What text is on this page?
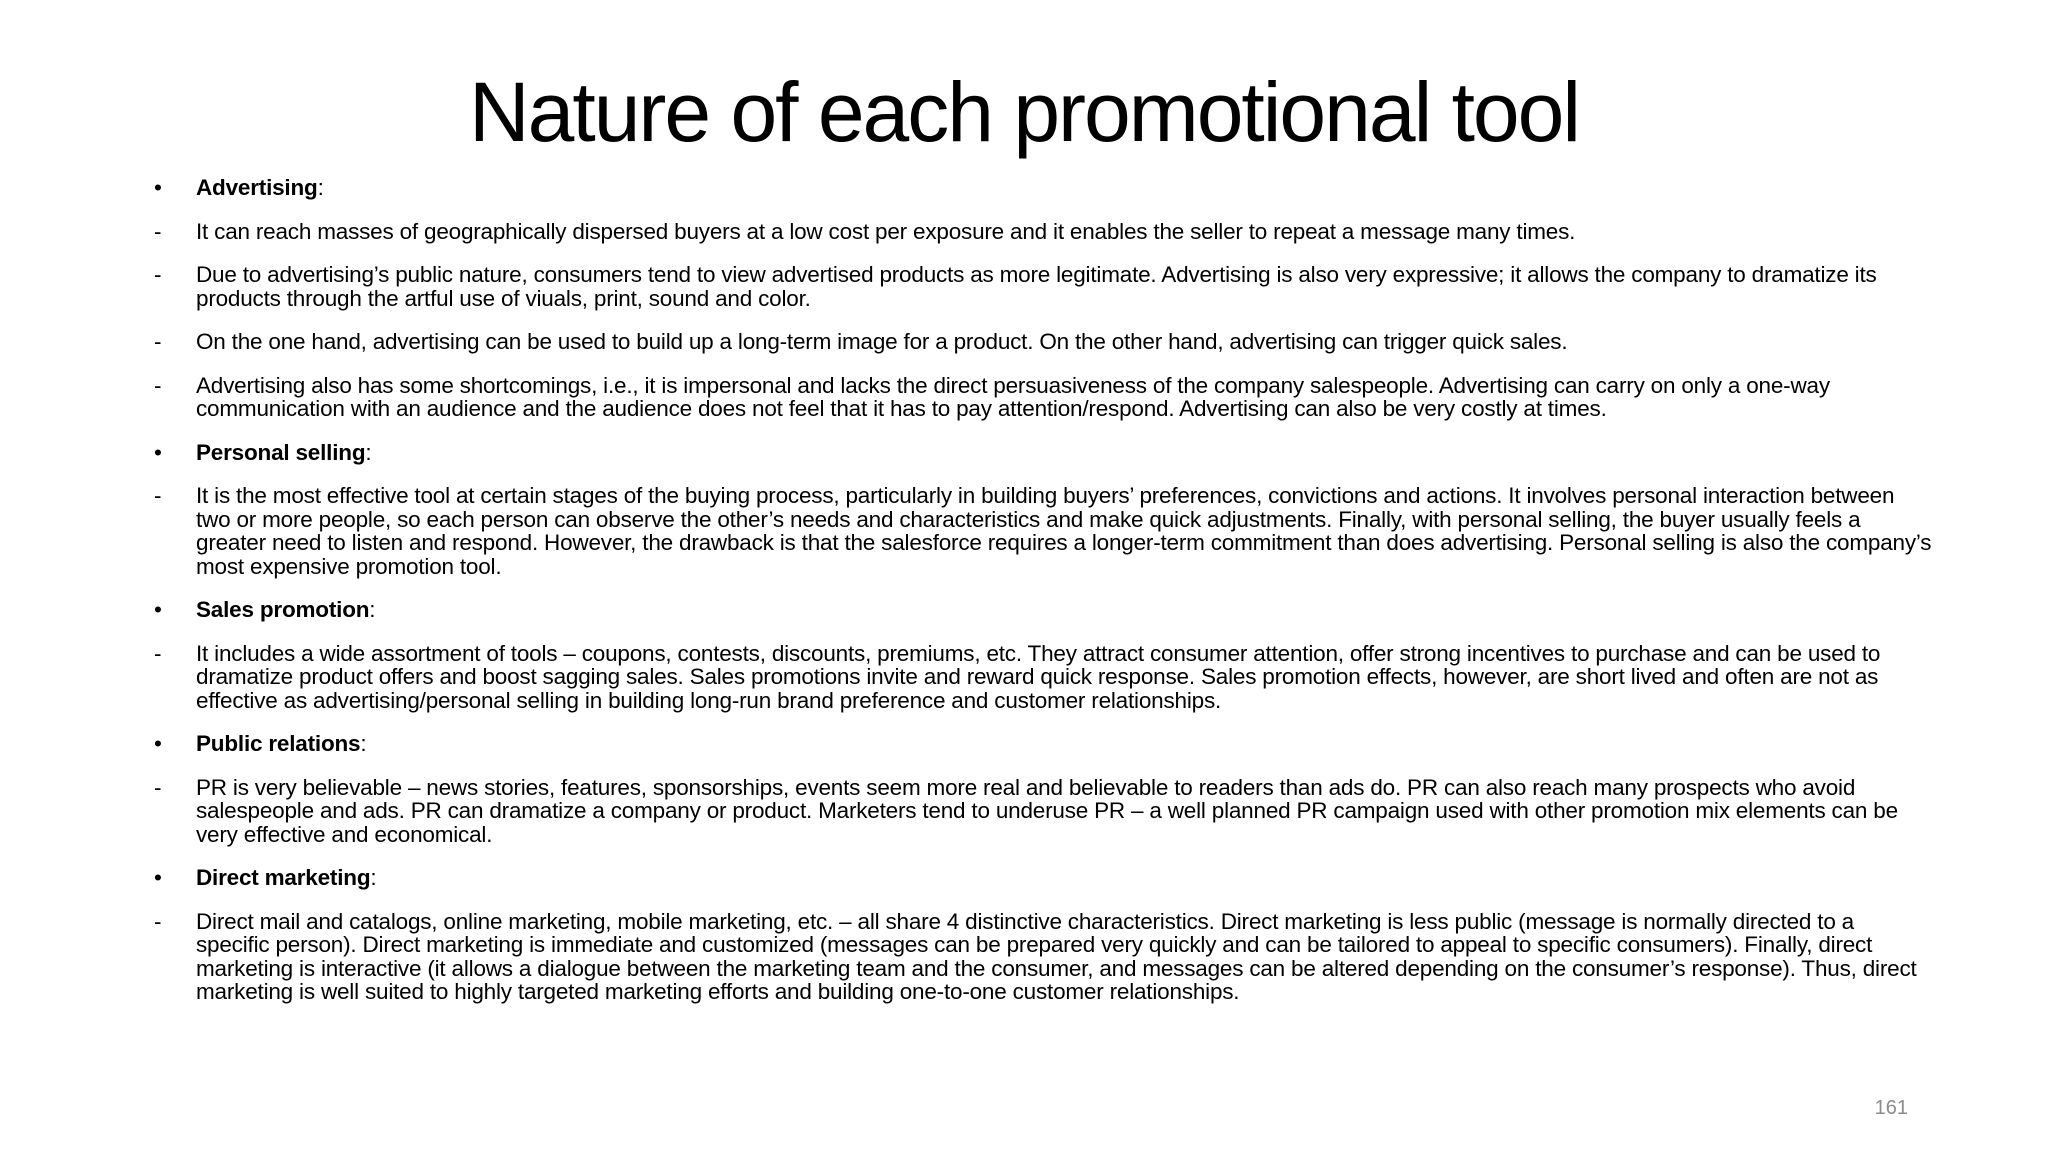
Nature of each promotional tool
•	Advertising:
-	It can reach masses of geographically dispersed buyers at a low cost per exposure and it enables the seller to repeat a message many times.
-	Due to advertising’s public nature, consumers tend to view advertised products as more legitimate. Advertising is also very expressive; it allows the company to dramatize its products through the artful use of viuals, print, sound and color.
-	On the one hand, advertising can be used to build up a long-term image for a product. On the other hand, advertising can trigger quick sales.
-	Advertising also has some shortcomings, i.e., it is impersonal and lacks the direct persuasiveness of the company salespeople. Advertising can carry on only a one-way communication with an audience and the audience does not feel that it has to pay attention/respond. Advertising can also be very costly at times.
•	Personal selling:
-	It is the most effective tool at certain stages of the buying process, particularly in building buyers’ preferences, convictions and actions. It involves personal interaction between two or more people, so each person can observe the other’s needs and characteristics and make quick adjustments. Finally, with personal selling, the buyer usually feels a greater need to listen and respond. However, the drawback is that the salesforce requires a longer-term commitment than does advertising. Personal selling is also the company’s most expensive promotion tool.
•	Sales promotion:
-	It includes a wide assortment of tools – coupons, contests, discounts, premiums, etc. They attract consumer attention, offer strong incentives to purchase and can be used to dramatize product offers and boost sagging sales. Sales promotions invite and reward quick response. Sales promotion effects, however, are short lived and often are not as effective as advertising/personal selling in building long-run brand preference and customer relationships.
•	Public relations:
-	PR is very believable – news stories, features, sponsorships, events seem more real and believable to readers than ads do. PR can also reach many prospects who avoid salespeople and ads. PR can dramatize a company or product. Marketers tend to underuse PR – a well planned PR campaign used with other promotion mix elements can be very effective and economical.
•	Direct marketing:
-	Direct mail and catalogs, online marketing, mobile marketing, etc. – all share 4 distinctive characteristics. Direct marketing is less public (message is normally directed to a specific person). Direct marketing is immediate and customized (messages can be prepared very quickly and can be tailored to appeal to specific consumers). Finally, direct marketing is interactive (it allows a dialogue between the marketing team and the consumer, and messages can be altered depending on the consumer’s response). Thus, direct marketing is well suited to highly targeted marketing efforts and building one-to-one customer relationships.
161
